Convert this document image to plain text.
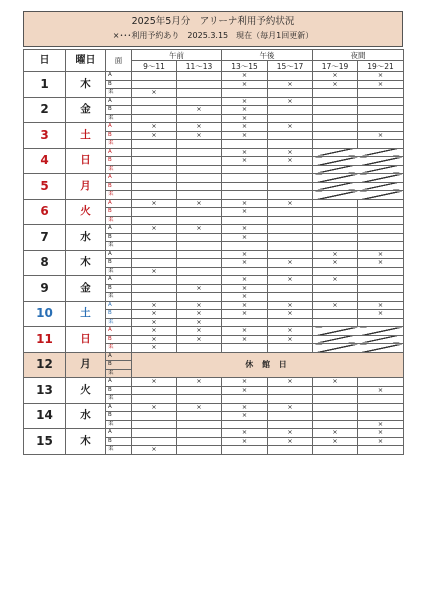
2025年5月分　アリーナ利用予約状況
×･･･利用予約あり　2025.3.15　現在（毎月1回更新）
日	曜日	面	午前		午後		夜間	
			9～11	11～13	13～15	15～17	17～19	19～21
1	木	A			×		×	×
		B			×	×	×	×
		柔	×					
2	金	A			×	×		
		B		×	×			
		柔			×			
3	土	A	×	×	×	×		
		B	×	×	×			×
		柔						
4	日	A			×	×		
		B			×	×		
		柔						
5	月	A						
		B						
		柔						
6	火	A	×	×	×	×		
		B			×			
		柔						
7	水	A	×	×	×			
		B			×			
		柔						
8	木	A			×		×	×
		B			×	×	×	×
		柔	×					
9	金	A			×	×	×	
		B		×	×			
		柔			×			
10	土	A	×	×	×	×	×	×
		B	×	×	×	×		×
		柔	×	×				
11	日	A	×	×	×	×		
		B	×	×	×	×		
		柔	×					
12	月	A	休 館 日					
		B						
		柔						
13	火	A	×	×	×	×	×	
		B			×			×
		柔						
14	水	A	×	×	×	×		
		B			×			
		柔						×
15	木	A			×	×	×	×
		B			×	×	×	×
		柔	×					
